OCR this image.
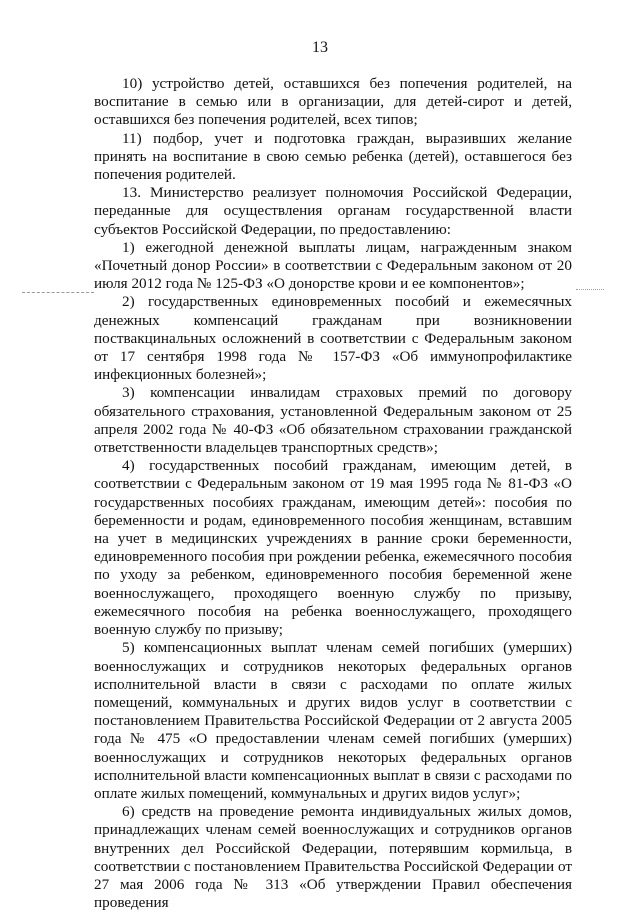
13

10) устройство детей, оставшихся без попечения родителей, на воспитание в семью или в организации, для детей-сирот и детей, оставшихся без попечения родителей, всех типов;

11) подбор, учет и подготовка граждан, выразивших желание принять на воспитание в свою семью ребенка (детей), оставшегося без попечения родителей.

13. Министерство реализует полномочия Российской Федерации, переданные для осуществления органам государственной власти субъектов Российской Федерации, по предоставлению:

1) ежегодной денежной выплаты лицам, награжденным знаком «Почетный донор России» в соответствии с Федеральным законом от 20 июля 2012 года № 125-ФЗ «О донорстве крови и ее компонентов»;

2) государственных единовременных пособий и ежемесячных денежных компенсаций гражданам при возникновении поствакцинальных осложнений в соответствии с Федеральным законом от 17 сентября 1998 года № 157-ФЗ «Об иммунопрофилактике инфекционных болезней»;

3) компенсации инвалидам страховых премий по договору обязательного страхования, установленной Федеральным законом от 25 апреля 2002 года № 40-ФЗ «Об обязательном страховании гражданской ответственности владельцев транспортных средств»;

4) государственных пособий гражданам, имеющим детей, в соответствии с Федеральным законом от 19 мая 1995 года № 81-ФЗ «О государственных пособиях гражданам, имеющим детей»: пособия по беременности и родам, единовременного пособия женщинам, вставшим на учет в медицинских учреждениях в ранние сроки беременности, единовременного пособия при рождении ребенка, ежемесячного пособия по уходу за ребенком, единовременного пособия беременной жене военнослужащего, проходящего военную службу по призыву, ежемесячного пособия на ребенка военнослужащего, проходящего военную службу по призыву;

5) компенсационных выплат членам семей погибших (умерших) военнослужащих и сотрудников некоторых федеральных органов исполнительной власти в связи с расходами по оплате жилых помещений, коммунальных и других видов услуг в соответствии с постановлением Правительства Российской Федерации от 2 августа 2005 года № 475 «О предоставлении членам семей погибших (умерших) военнослужащих и сотрудников некоторых федеральных органов исполнительной власти компенсационных выплат в связи с расходами по оплате жилых помещений, коммунальных и других видов услуг»;

6) средств на проведение ремонта индивидуальных жилых домов, принадлежащих членам семей военнослужащих и сотрудников органов внутренних дел Российской Федерации, потерявшим кормильца, в соответствии с постановлением Правительства Российской Федерации от 27 мая 2006 года № 313 «Об утверждении Правил обеспечения проведения
